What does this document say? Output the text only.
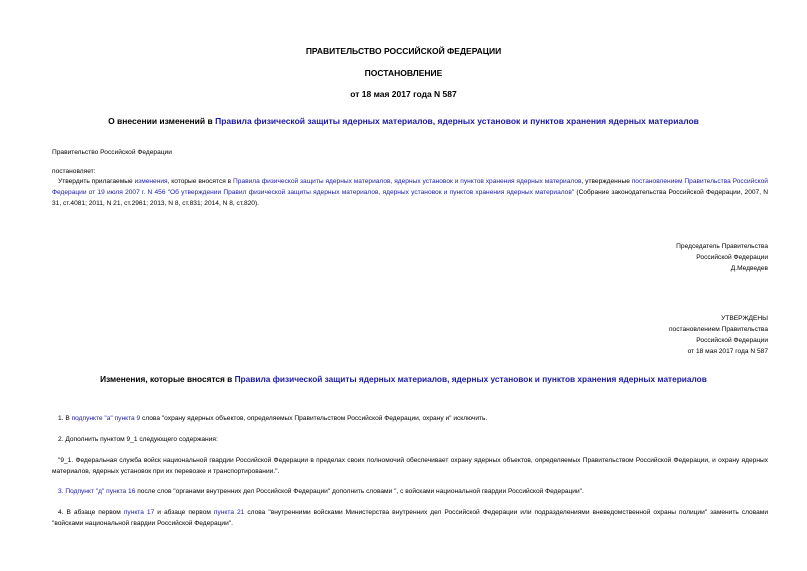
ПРАВИТЕЛЬСТВО РОССИЙСКОЙ ФЕДЕРАЦИИ
ПОСТАНОВЛЕНИЕ
от 18 мая 2017 года N 587
О внесении изменений в Правила физической защиты ядерных материалов, ядерных установок и пунктов хранения ядерных материалов
Правительство Российской Федерации
постановляет:
Утвердить прилагаемые изменения, которые вносятся в Правила физической защиты ядерных материалов, ядерных установок и пунктов хранения ядерных материалов, утвержденные постановлением Правительства Российской Федерации от 19 июля 2007 г. N 456 "Об утверждении Правил физической защиты ядерных материалов, ядерных установок и пунктов хранения ядерных материалов" (Собрание законодательства Российской Федерации, 2007, N 31, ст.4081; 2011, N 21, ст.2961; 2013, N 8, ст.831; 2014, N 8, ст.820).
Председатель Правительства
Российской Федерации
Д.Медведев
УТВЕРЖДЕНЫ
постановлением Правительства
Российской Федерации
от 18 мая 2017 года N 587
Изменения, которые вносятся в Правила физической защиты ядерных материалов, ядерных установок и пунктов хранения ядерных материалов
1. В подпункте "а" пункта 9 слова "охрану ядерных объектов, определяемых Правительством Российской Федерации, охрану и" исключить.
2. Дополнить пунктом 9_1 следующего содержания:
"9_1. Федеральная служба войск национальной гвардии Российской Федерации в пределах своих полномочий обеспечивает охрану ядерных объектов, определяемых Правительством Российской Федерации, и охрану ядерных материалов, ядерных установок при их перевозке и транспортировании.".
3. Подпункт "д" пункта 16 после слов "органами внутренних дел Российской Федерации" дополнить словами ", с войсками национальной гвардии Российской Федерации".
4. В абзаце первом пункта 17 и абзаце первом пункта 21 слова "внутренними войсками Министерства внутренних дел Российской Федерации или подразделениями вневедомственной охраны полиции" заменить словами "войсками национальной гвардии Российской Федерации".
